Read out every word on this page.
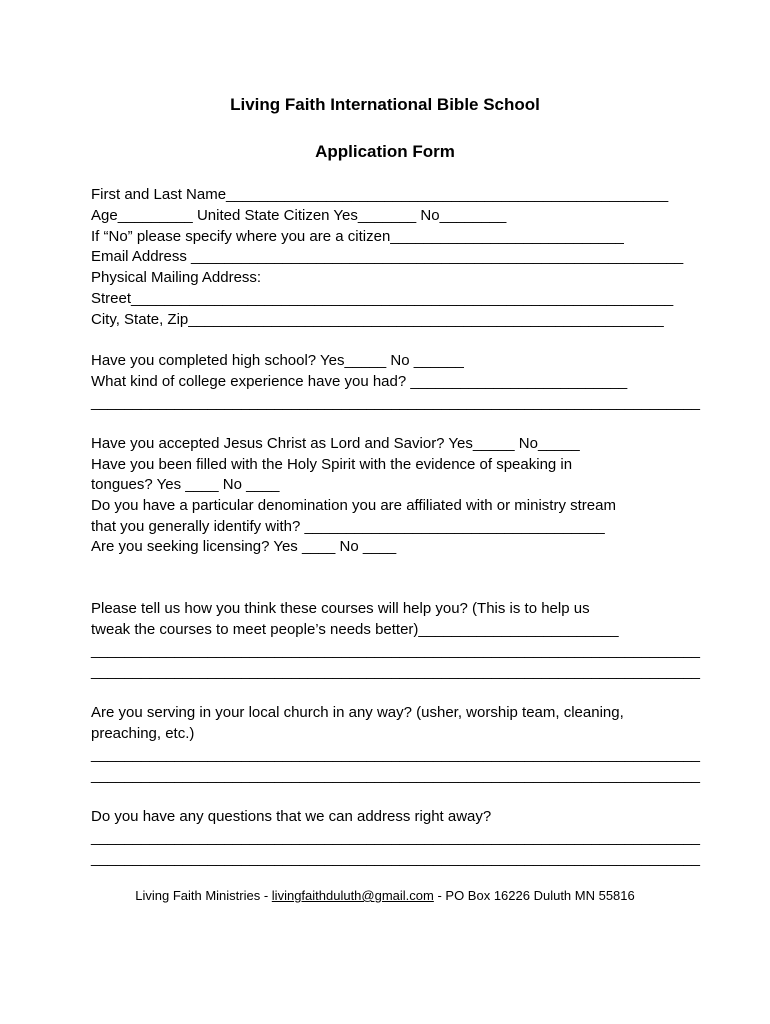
Living Faith International Bible School
Application Form

First and Last Name_____________________________________________________

Age_________ United State Citizen Yes_______ No________

If “No” please specify where you are a citizen____________________________

Email Address ___________________________________________________________

Physical Mailing Address:

Street_________________________________________________________________

City, State, Zip_________________________________________________________

Have you completed high school? Yes_____ No ______

What kind of college experience have you had? __________________________

_________________________________________________________________________

Have you accepted Jesus Christ as Lord and Savior? Yes_____ No_____

Have you been filled with the Holy Spirit with the evidence of speaking in

tongues? Yes ____ No ____

Do you have a particular denomination you are affiliated with or ministry stream

that you generally identify with? ____________________________________

Are you seeking licensing? Yes ____ No ____

Please tell us how you think these courses will help you? (This is to help us

tweak the courses to meet people’s needs better)________________________

_________________________________________________________________________

_________________________________________________________________________

Are you serving in your local church in any way? (usher, worship team, cleaning,

preaching, etc.)

_________________________________________________________________________

_________________________________________________________________________

Do you have any questions that we can address right away?

_________________________________________________________________________

_________________________________________________________________________

Living Faith Ministries - livingfaithduluth@gmail.com - PO Box 16226 Duluth MN 55816
